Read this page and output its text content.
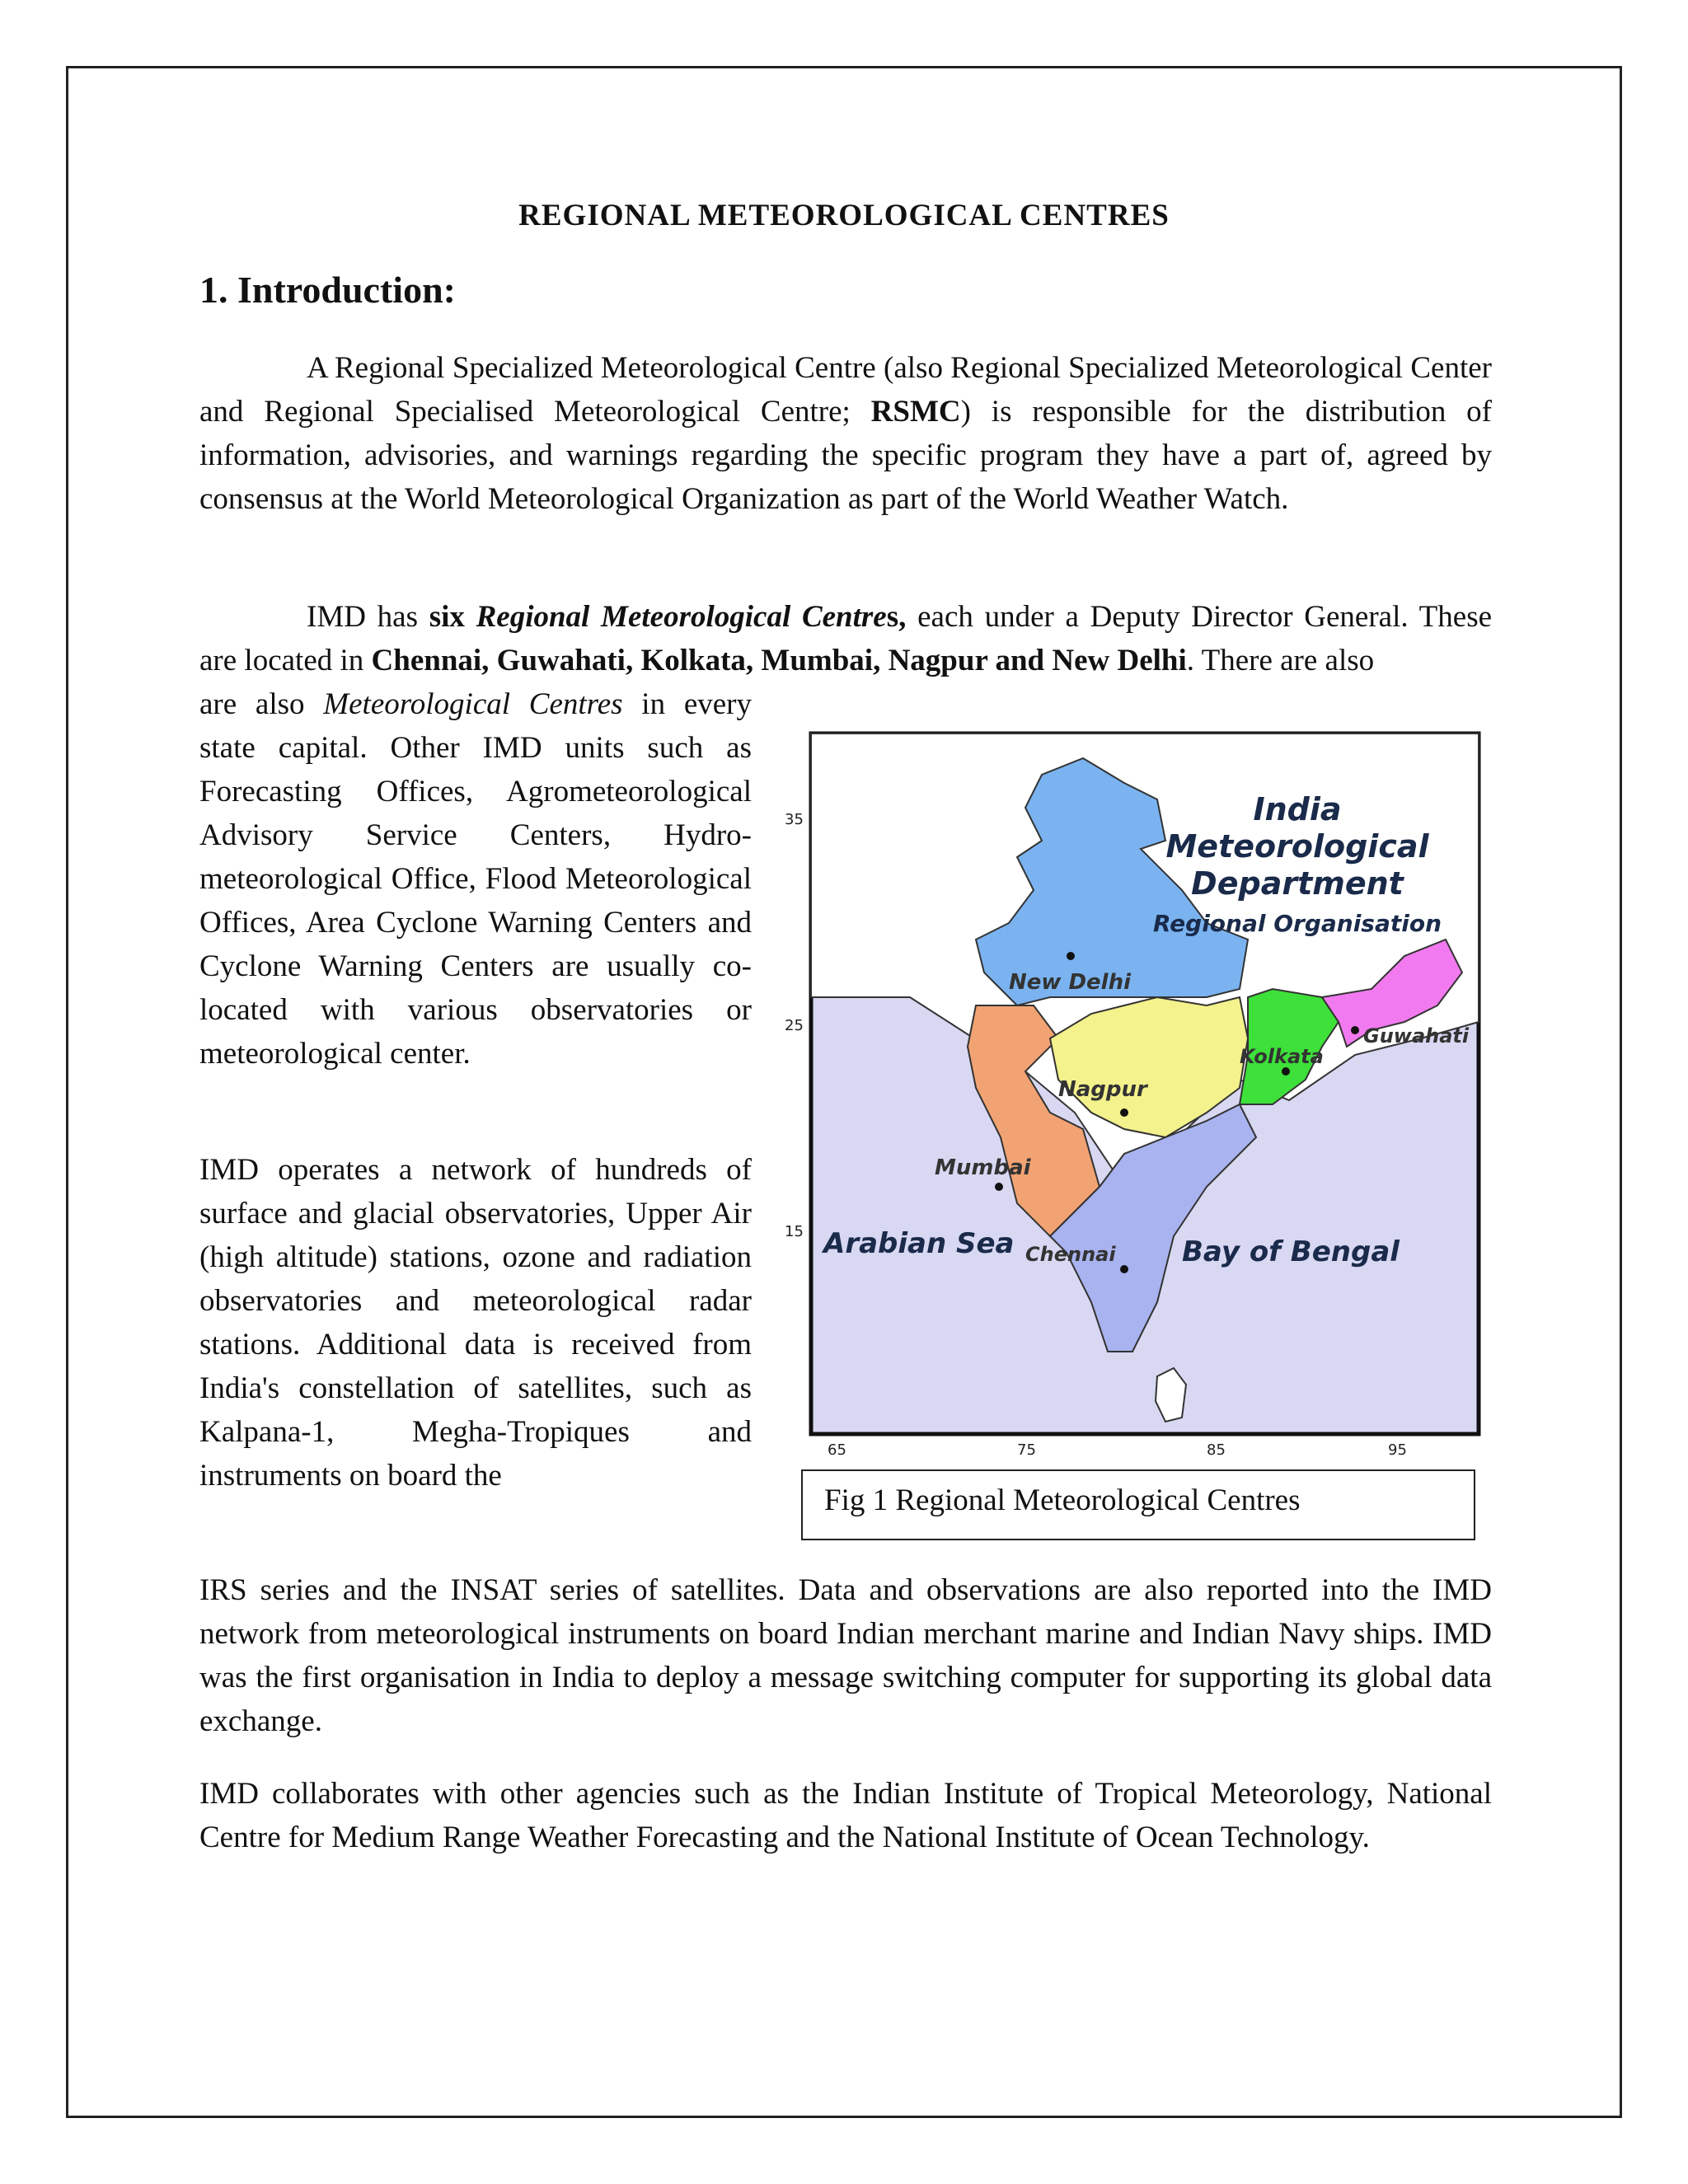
REGIONAL METEOROLOGICAL CENTRES
1. Introduction:

A Regional Specialized Meteorological Centre (also Regional Specialized Meteorological Center and Regional Specialised Meteorological Centre; RSMC) is responsible for the distribution of information, advisories, and warnings regarding the specific program they have a part of, agreed by consensus at the World Meteorological Organization as part of the World Weather Watch.

IMD has six Regional Meteorological Centres, each under a Deputy Director General. These are located in Chennai, Guwahati, Kolkata, Mumbai, Nagpur and New Delhi. There are also

are also Meteorological Centres in every state capital. Other IMD units such as Forecasting Offices, Agrometeorological Advisory Service Centers, Hydro-meteorological Office, Flood Meteorological Offices, Area Cyclone Warning Centers and Cyclone Warning Centers are usually co-located with various observatories or meteorological center.

IMD operates a network of hundreds of surface and glacial observatories, Upper Air (high altitude) stations, ozone and radiation observatories and meteorological radar stations. Additional data is received from India's constellation of satellites, such as Kalpana-1, Megha-Tropiques and instruments on board the

IRS series and the INSAT series of satellites. Data and observations are also reported into the IMD network from meteorological instruments on board Indian merchant marine and Indian Navy ships. IMD was the first organisation in India to deploy a message switching computer for supporting its global data exchange.

IMD collaborates with other agencies such as the Indian Institute of Tropical Meteorology, National Centre for Medium Range Weather Forecasting and the National Institute of Ocean Technology.

New Delhi
Nagpur
Kolkata
Guwahati
Mumbai
Chennai
Arabian Sea	Bay of Bengal
India
Meteorological
Department
Regional Organisation
35
25
15
65	75	85	95
Fig 1 Regional Meteorological Centres
